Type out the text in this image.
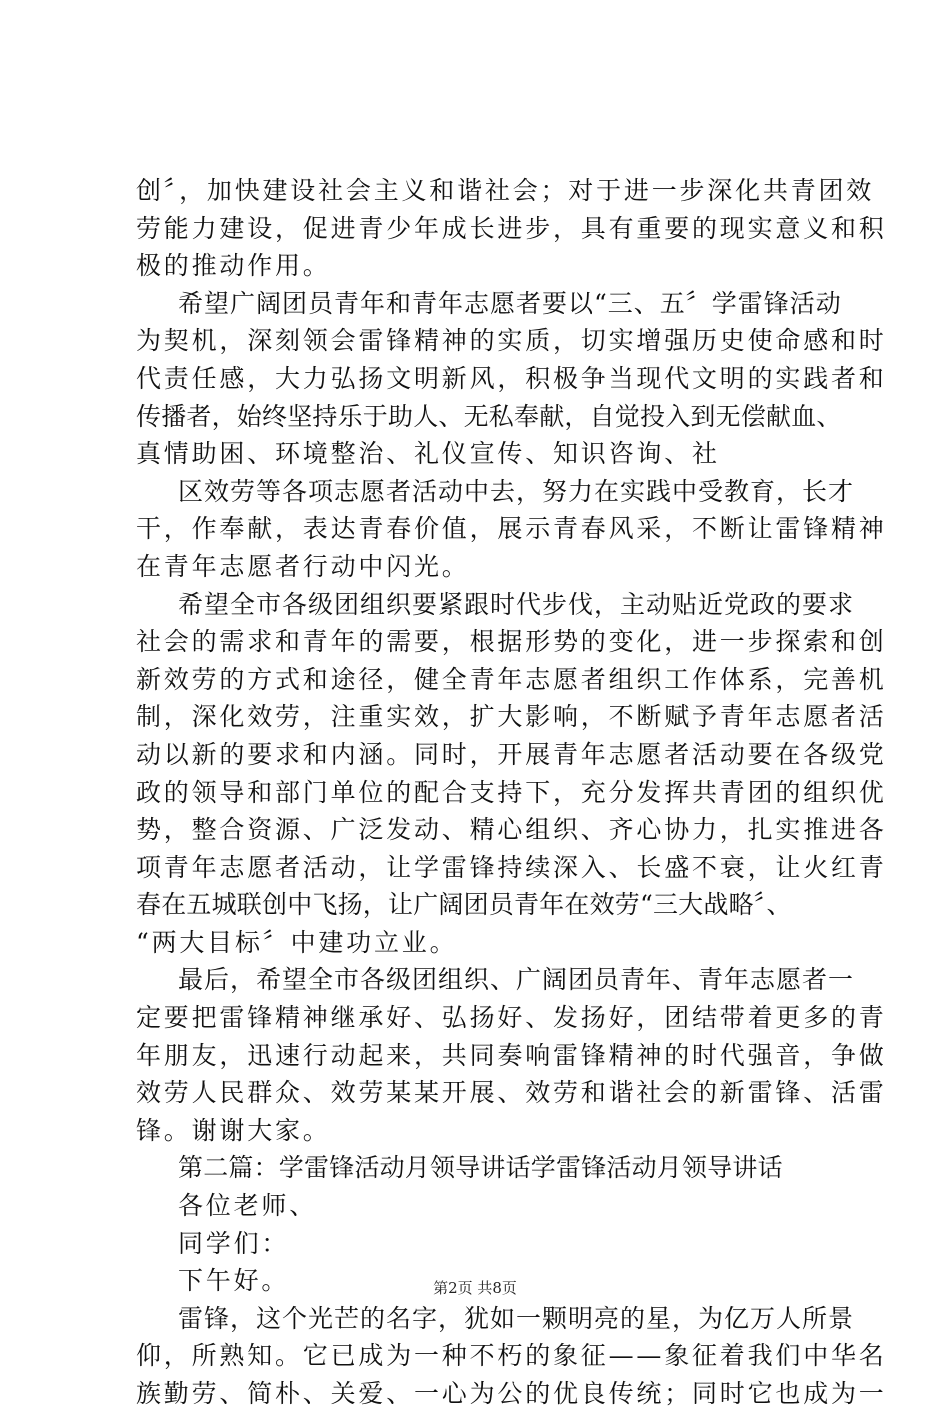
创〞，加快建设社会主义和谐社会；对于进一步深化共青团效
劳能力建设，促进青少年成长进步，具有重要的现实意义和积
极的推动作用。
希望广阔团员青年和青年志愿者要以“三、五〞学雷锋活动
为契机，深刻领会雷锋精神的实质，切实增强历史使命感和时
代责任感，大力弘扬文明新风，积极争当现代文明的实践者和
传播者，始终坚持乐于助人、无私奉献，自觉投入到无偿献血、
真情助困、环境整治、礼仪宣传、知识咨询、社
区效劳等各项志愿者活动中去，努力在实践中受教育，长才
干，作奉献，表达青春价值，展示青春风采，不断让雷锋精神
在青年志愿者行动中闪光。
希望全市各级团组织要紧跟时代步伐，主动贴近党政的要求
社会的需求和青年的需要，根据形势的变化，进一步探索和创
新效劳的方式和途径，健全青年志愿者组织工作体系，完善机
制，深化效劳，注重实效，扩大影响，不断赋予青年志愿者活
动以新的要求和内涵。同时，开展青年志愿者活动要在各级党
政的领导和部门单位的配合支持下，充分发挥共青团的组织优
势，整合资源、广泛发动、精心组织、齐心协力，扎实推进各
项青年志愿者活动，让学雷锋持续深入、长盛不衰，让火红青
春在五城联创中飞扬，让广阔团员青年在效劳“三大战略〞、
“两大目标〞中建功立业。
最后，希望全市各级团组织、广阔团员青年、青年志愿者一
定要把雷锋精神继承好、弘扬好、发扬好，团结带着更多的青
年朋友，迅速行动起来，共同奏响雷锋精神的时代强音，争做
效劳人民群众、效劳某某开展、效劳和谐社会的新雷锋、活雷
锋。谢谢大家。
第二篇：学雷锋活动月领导讲话学雷锋活动月领导讲话
各位老师、
同学们：
下午好。
雷锋，这个光芒的名字，犹如一颗明亮的星，为亿万人所景
仰，所熟知。它已成为一种不朽的象征——象征着我们中华名
族勤劳、简朴、关爱、一心为公的优良传统；同时它也成为一
第2页 共8页
